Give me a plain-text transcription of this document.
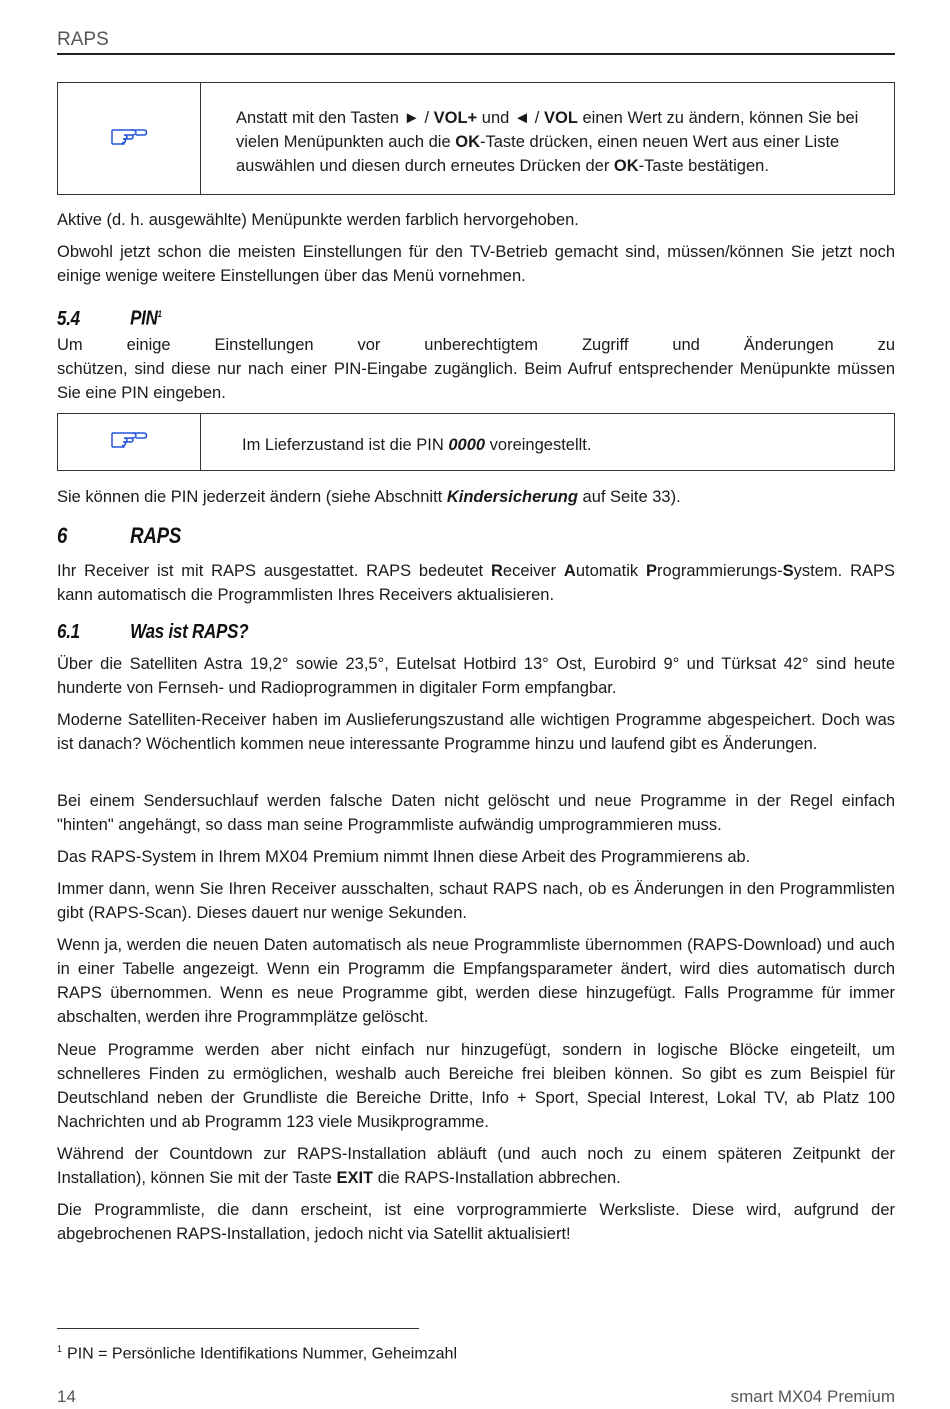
RAPS
Anstatt mit den Tasten ► / VOL+ und ◄ / VOL einen Wert zu ändern, können Sie bei vielen Menüpunkten auch die OK-Taste drücken, einen neuen Wert aus einer Liste auswählen und diesen durch erneutes Drücken der OK-Taste bestätigen.

Aktive (d. h. ausgewählte) Menüpunkte werden farblich hervorgehoben.

Obwohl jetzt schon die meisten Einstellungen für den TV-Betrieb gemacht sind, müssen/können Sie jetzt noch einige wenige weitere Einstellungen über das Menü vornehmen.

5.4	PIN$^1$

Um einige Einstellungen vor unberechtigtem Zugriff und Änderungen zu

schützen, sind diese nur nach einer PIN-Eingabe zugänglich. Beim Aufruf entsprechender Menüpunkte müssen Sie eine PIN eingeben.

Im Lieferzustand ist die PIN 0000 voreingestellt.

Sie können die PIN jederzeit ändern (siehe Abschnitt Kindersicherung auf Seite 33).

6	RAPS

Ihr Receiver ist mit RAPS ausgestattet. RAPS bedeutet Receiver Automatik Programmierungs-System. RAPS kann automatisch die Programmlisten Ihres Receivers aktualisieren.

6.1	Was ist RAPS?

Über die Satelliten Astra 19,2° sowie 23,5°, Eutelsat Hotbird 13° Ost, Eurobird 9° und Türksat 42° sind heute hunderte von Fernseh- und Radioprogrammen in digitaler Form empfangbar.

Moderne Satelliten-Receiver haben im Auslieferungszustand alle wichtigen Programme abgespeichert. Doch was ist danach? Wöchentlich kommen neue interessante Programme hinzu und laufend gibt es Änderungen.

Bei einem Sendersuchlauf werden falsche Daten nicht gelöscht und neue Programme in der Regel einfach "hinten" angehängt, so dass man seine Programmliste aufwändig umprogrammieren muss.

Das RAPS-System in Ihrem MX04 Premium nimmt Ihnen diese Arbeit des Programmierens ab.

Immer dann, wenn Sie Ihren Receiver ausschalten, schaut RAPS nach, ob es Änderungen in den Programmlisten gibt (RAPS-Scan). Dieses dauert nur wenige Sekunden.

Wenn ja, werden die neuen Daten automatisch als neue Programmliste übernommen (RAPS-Download) und auch in einer Tabelle angezeigt. Wenn ein Programm die Empfangsparameter ändert, wird dies automatisch durch RAPS übernommen. Wenn es neue Programme gibt, werden diese hinzugefügt. Falls Programme für immer abschalten, werden ihre Programmplätze gelöscht.

Neue Programme werden aber nicht einfach nur hinzugefügt, sondern in logische Blöcke eingeteilt, um schnelleres Finden zu ermöglichen, weshalb auch Bereiche frei bleiben können. So gibt es zum Beispiel für Deutschland neben der Grundliste die Bereiche Dritte, Info + Sport, Special Interest, Lokal TV, ab Platz 100 Nachrichten und ab Programm 123 viele Musikprogramme.

Während der Countdown zur RAPS-Installation abläuft (und auch noch zu einem späteren Zeitpunkt der Installation), können Sie mit der Taste EXIT die RAPS-Installation abbrechen.

Die Programmliste, die dann erscheint, ist eine vorprogrammierte Werksliste. Diese wird, aufgrund der abgebrochenen RAPS-Installation, jedoch nicht via Satellit aktualisiert!

$^1$ PIN = Persönliche Identifikations Nummer, Geheimzahl
14	smart MX04 Premium
